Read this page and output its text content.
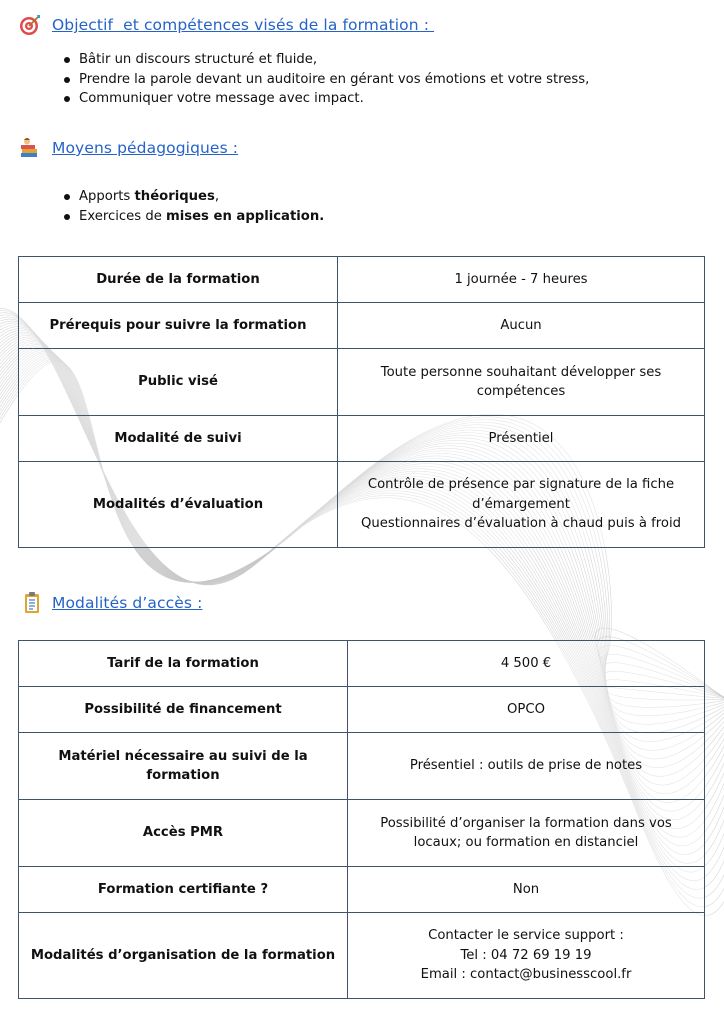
Objectif  et compétences visés de la formation :
Bâtir un discours structuré et fluide,
Prendre la parole devant un auditoire en gérant vos émotions et votre stress,
Communiquer votre message avec impact.
Moyens pédagogiques :
Apports théoriques,
Exercices de mises en application.
Durée de la formation	1 journée - 7 heures

Prérequis pour suivre la formation	Aucun

Public visé	Toute personne souhaitant développer ses
compétences

Modalité de suivi	Présentiel

Modalités d’évaluation	Contrôle de présence par signature de la fiche
d’émargement
Questionnaires d’évaluation à chaud puis à froid
Modalités d’accès :
Tarif de la formation	4 500 €

Possibilité de financement	OPCO

Matériel nécessaire au suivi de la
formation	Présentiel : outils de prise de notes

Accès PMR	Possibilité d’organiser la formation dans vos
locaux; ou formation en distanciel

Formation certifiante ?	Non

Modalités d’organisation de la formation	Contacter le service support :
Tel : 04 72 69 19 19
Email : contact@businesscool.fr
